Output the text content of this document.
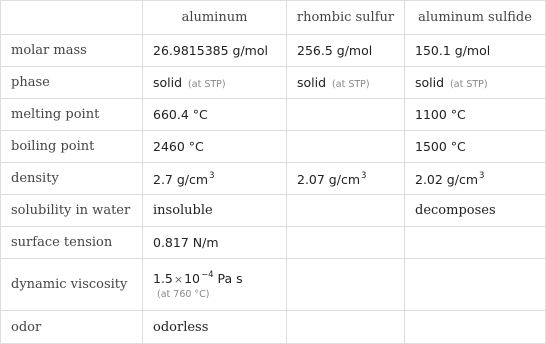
	aluminum	rhombic sulfur	aluminum sulfide
molar mass	26.9815385 g/mol	256.5 g/mol	150.1 g/mol
phase	solid (at STP)	solid (at STP)	solid (at STP)
melting point	660.4 °C		1100 °C
boiling point	2460 °C		1500 °C
density	2.7 $g/cm^3$	2.07 $g/cm^3$	2.02 $g/cm^3$
solubility in water	insoluble		decomposes
surface tension	0.817 N/m		
dynamic viscosity	$1.5\times 10^{-4}$ Pa s
(at 760 °C)		

odor	odorless		
